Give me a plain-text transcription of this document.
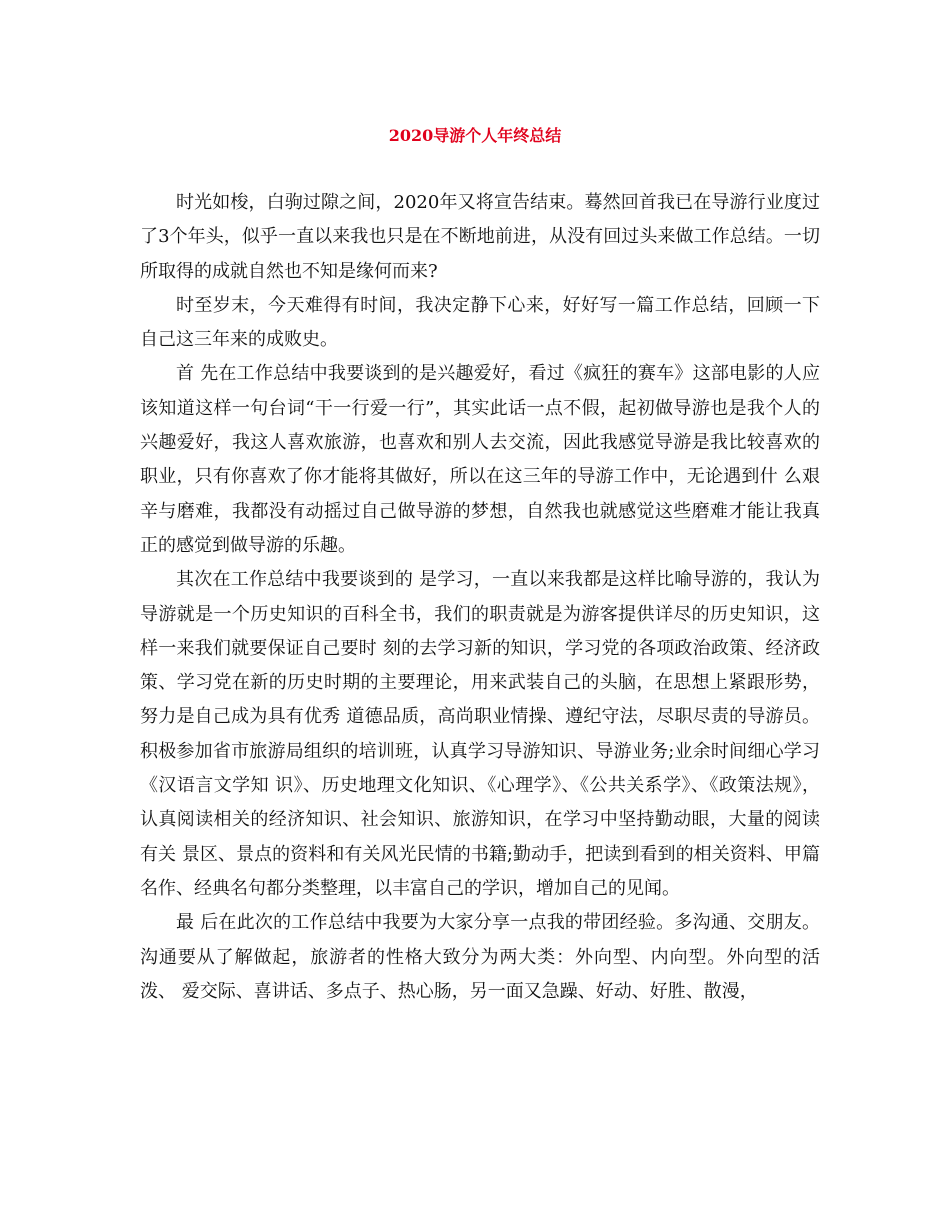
2020导游个人年终总结

时光如梭，白驹过隙之间，2020年又将宣告结束。蓦然回首我已在导游行业度过了3个年头，似乎一直以来我也只是在不断地前进，从没有回过头来做工作总结。一切所取得的成就自然也不知是缘何而来?

时至岁末，今天难得有时间，我决定静下心来，好好写一篇工作总结，回顾一下自己这三年来的成败史。

首 先在工作总结中我要谈到的是兴趣爱好，看过《疯狂的赛车》这部电影的人应该知道这样一句台词“干一行爱一行”，其实此话一点不假，起初做导游也是我个人的 兴趣爱好，我这人喜欢旅游，也喜欢和别人去交流，因此我感觉导游是我比较喜欢的职业，只有你喜欢了你才能将其做好，所以在这三年的导游工作中，无论遇到什 么艰辛与磨难，我都没有动摇过自己做导游的梦想，自然我也就感觉这些磨难才能让我真正的感觉到做导游的乐趣。

其次在工作总结中我要谈到的 是学习，一直以来我都是这样比喻导游的，我认为导游就是一个历史知识的百科全书，我们的职责就是为游客提供详尽的历史知识，这样一来我们就要保证自己要时 刻的去学习新的知识，学习党的各项政治政策、经济政策、学习党在新的历史时期的主要理论，用来武装自己的头脑，在思想上紧跟形势，努力是自己成为具有优秀 道德品质，高尚职业情操、遵纪守法，尽职尽责的导游员。积极参加省市旅游局组织的培训班，认真学习导游知识、导游业务;业余时间细心学习《汉语言文学知 识》、历史地理文化知识、《心理学》、《公共关系学》、《政策法规》，认真阅读相关的经济知识、社会知识、旅游知识，在学习中坚持勤动眼，大量的阅读有关 景区、景点的资料和有关风光民情的书籍;勤动手，把读到看到的相关资料、甲篇名作、经典名句都分类整理，以丰富自己的学识，增加自己的见闻。

最 后在此次的工作总结中我要为大家分享一点我的带团经验。多沟通、交朋友。沟通要从了解做起，旅游者的性格大致分为两大类：外向型、内向型。外向型的活泼、 爱交际、喜讲话、多点子、热心肠，另一面又急躁、好动、好胜、散漫，
